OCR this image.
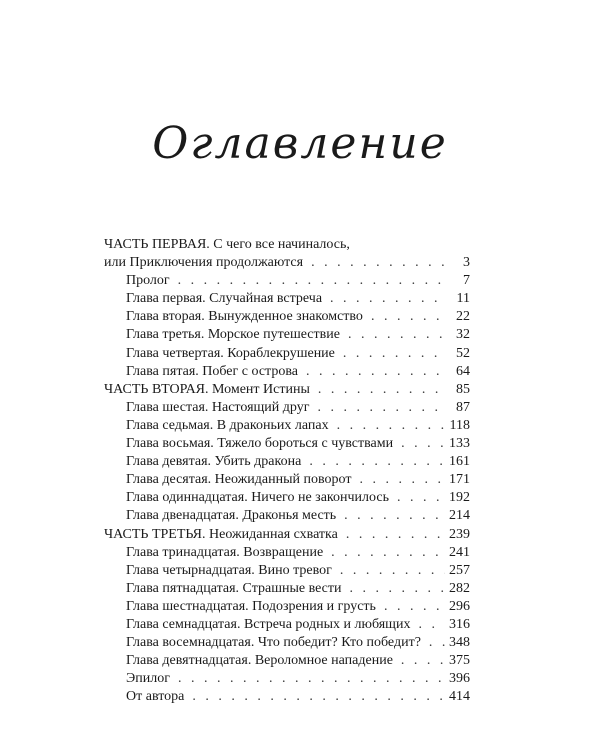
Оглавление
ЧАСТЬ ПЕРВАЯ. С чего все начиналось,
или Приключения продолжаются . . .	3
Пролог . . .	7
Глава первая. Случайная встреча . . .	11
Глава вторая. Вынужденное знакомство . . .	22
Глава третья. Морское путешествие . . .	32
Глава четвертая. Кораблекрушение . . .	52
Глава пятая. Побег с острова . . .	64
ЧАСТЬ ВТОРАЯ. Момент Истины . . .	85
Глава шестая. Настоящий друг . . .	87
Глава седьмая. В драконьих лапах . . .	118
Глава восьмая. Тяжело бороться с чувствами . . .	133
Глава девятая. Убить дракона . . .	161
Глава десятая. Неожиданный поворот . . .	171
Глава одиннадцатая. Ничего не закончилось . . .	192
Глава двенадцатая. Драконья месть . . .	214
ЧАСТЬ ТРЕТЬЯ. Неожиданная схватка . . .	239
Глава тринадцатая. Возвращение . . .	241
Глава четырнадцатая. Вино тревог . . .	257
Глава пятнадцатая. Страшные вести . . .	282
Глава шестнадцатая. Подозрения и грусть . . .	296
Глава семнадцатая. Встреча родных и любящих . . .	316
Глава восемнадцатая. Что победит? Кто победит? . . . 348
Глава девятнадцатая. Вероломное нападение . . .	375
Эпилог . . .	396
От автора . . .	414
